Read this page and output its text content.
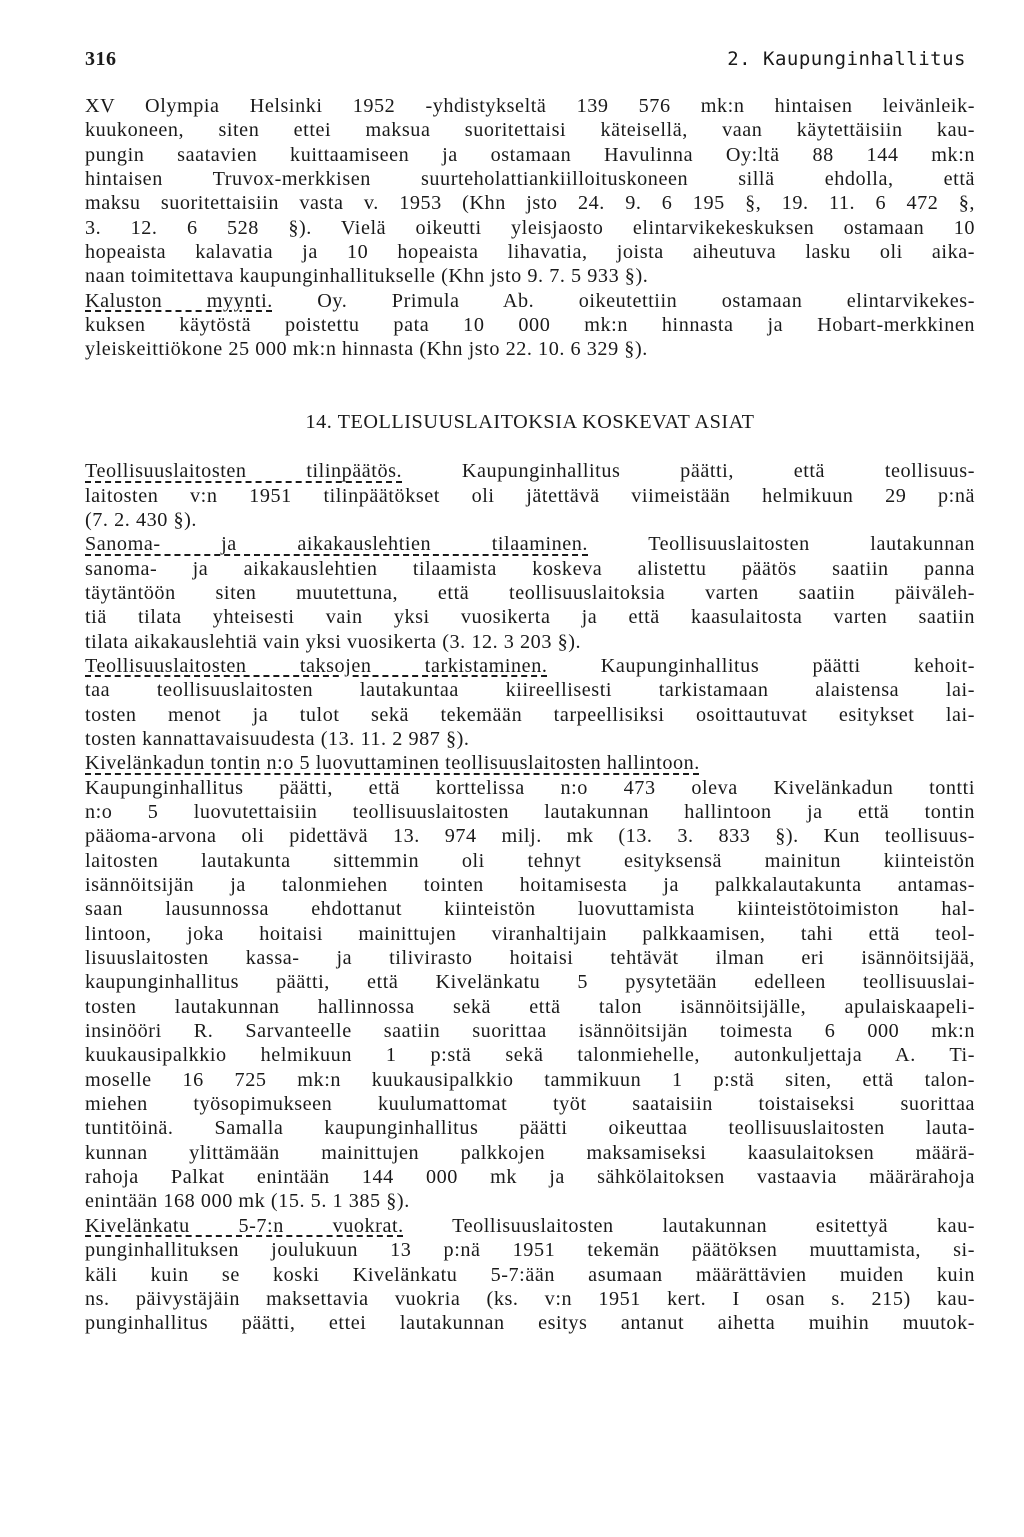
316	2. Kaupunginhallitus
XV Olympia Helsinki 1952 -yhdistykseltä 139 576 mk:n hintaisen leivänleik-
kuukoneen, siten ettei maksua suoritettaisi käteisellä, vaan käytettäisiin kau-
pungin saatavien kuittaamiseen ja ostamaan Havulinna Oy:ltä 88 144 mk:n
hintaisen Truvox-merkkisen suurteholattiankiilloituskoneen sillä ehdolla, että
maksu suoritettaisiin vasta v. 1953 (Khn jsto 24. 9. 6 195 §, 19. 11. 6 472 §,
3. 12. 6 528 §). Vielä oikeutti yleisjaosto elintarvikekeskuksen ostamaan 10
hopeaista kalavatia ja 10 hopeaista lihavatia, joista aiheutuva lasku oli aika-
naan toimitettava kaupunginhallitukselle (Khn jsto 9. 7. 5 933 §).
Kaluston myynti. Oy. Primula Ab. oikeutettiin ostamaan elintarvikekes-
kuksen käytöstä poistettu pata 10 000 mk:n hinnasta ja Hobart-merkkinen
yleiskeittiökone 25 000 mk:n hinnasta (Khn jsto 22. 10. 6 329 §).
14. TEOLLISUUSLAITOKSIA KOSKEVAT ASIAT
Teollisuuslaitosten tilinpäätös. Kaupunginhallitus päätti, että teollisuus-
laitosten v:n 1951 tilinpäätökset oli jätettävä viimeistään helmikuun 29 p:nä
(7. 2. 430 §).
Sanoma- ja aikakauslehtien tilaaminen. Teollisuuslaitosten lautakunnan
sanoma- ja aikakauslehtien tilaamista koskeva alistettu päätös saatiin panna
täytäntöön siten muutettuna, että teollisuuslaitoksia varten saatiin päiväleh-
tiä tilata yhteisesti vain yksi vuosikerta ja että kaasulaitosta varten saatiin
tilata aikakauslehtiä vain yksi vuosikerta (3. 12. 3 203 §).
Teollisuuslaitosten taksojen tarkistaminen. Kaupunginhallitus päätti kehoit-
taa teollisuuslaitosten lautakuntaa kiireellisesti tarkistamaan alaistensa lai-
tosten menot ja tulot sekä tekemään tarpeellisiksi osoittautuvat esitykset lai-
tosten kannattavaisuudesta (13. 11. 2 987 §).
Kivelänkadun tontin n:o 5 luovuttaminen teollisuuslaitosten hallintoon.
Kaupunginhallitus päätti, että korttelissa n:o 473 oleva Kivelänkadun tontti
n:o 5 luovutettaisiin teollisuuslaitosten lautakunnan hallintoon ja että tontin
pääoma-arvona oli pidettävä 13. 974 milj. mk (13. 3. 833 §). Kun teollisuus-
laitosten lautakunta sittemmin oli tehnyt esityksensä mainitun kiinteistön
isännöitsijän ja talonmiehen tointen hoitamisesta ja palkkalautakunta antamas-
saan lausunnossa ehdottanut kiinteistön luovuttamista kiinteistötoimiston hal-
lintoon, joka hoitaisi mainittujen viranhaltijain palkkaamisen, tahi että teol-
lisuuslaitosten kassa- ja tilivirasto hoitaisi tehtävät ilman eri isännöitsijää,
kaupunginhallitus päätti, että Kivelänkatu 5 pysytetään edelleen teollisuuslai-
tosten lautakunnan hallinnossa sekä että talon isännöitsijälle, apulaiskaapeli-
insinööri R. Sarvanteelle saatiin suorittaa isännöitsijän toimesta 6 000 mk:n
kuukausipalkkio helmikuun 1 p:stä sekä talonmiehelle, autonkuljettaja A. Ti-
moselle 16 725 mk:n kuukausipalkkio tammikuun 1 p:stä siten, että talon-
miehen työsopimukseen kuulumattomat työt saataisiin toistaiseksi suorittaa
tuntitöinä. Samalla kaupunginhallitus päätti oikeuttaa teollisuuslaitosten lauta-
kunnan ylittämään mainittujen palkkojen maksamiseksi kaasulaitoksen määrä-
rahoja Palkat enintään 144 000 mk ja sähkölaitoksen vastaavia määrärahoja
enintään 168 000 mk (15. 5. 1 385 §).
Kivelänkatu 5-7:n vuokrat. Teollisuuslaitosten lautakunnan esitettyä kau-
punginhallituksen joulukuun 13 p:nä 1951 tekemän päätöksen muuttamista, si-
käli kuin se koski Kivelänkatu 5-7:ään asumaan määrättävien muiden kuin
ns. päivystäjäin maksettavia vuokria (ks. v:n 1951 kert. I osan s. 215) kau-
punginhallitus päätti, ettei lautakunnan esitys antanut aihetta muihin muutok-
